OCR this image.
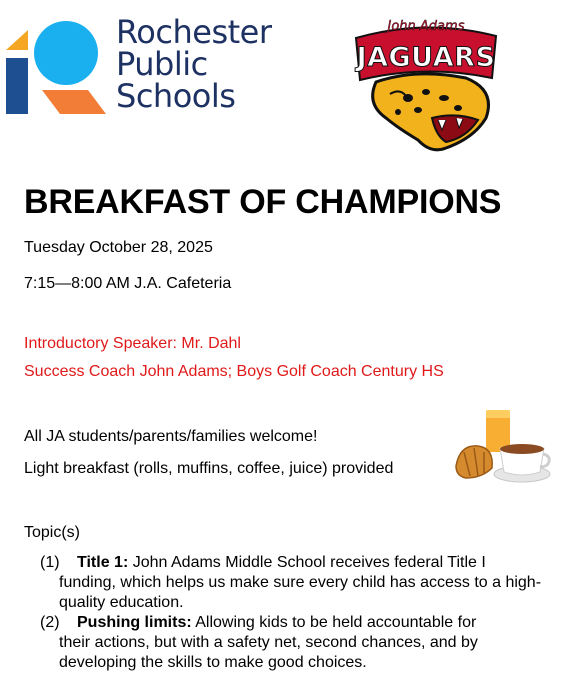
Rochester
Public
Schools
John Adams
JAGUARS
BREAKFAST OF CHAMPIONS
Tuesday October 28, 2025
7:15—8:00 AM J.A. Cafeteria
Introductory Speaker: Mr. Dahl
Success Coach John Adams; Boys Golf Coach Century HS
All JA students/parents/families welcome!
Light breakfast (rolls, muffins, coffee, juice) provided
Topic(s)
(1) Title 1: John Adams Middle School receives federal Title I
funding, which helps us make sure every child has access to a high-quality education.
(2) Pushing limits: Allowing kids to be held accountable for
their actions, but with a safety net, second chances, and by developing the skills to make good choices.
